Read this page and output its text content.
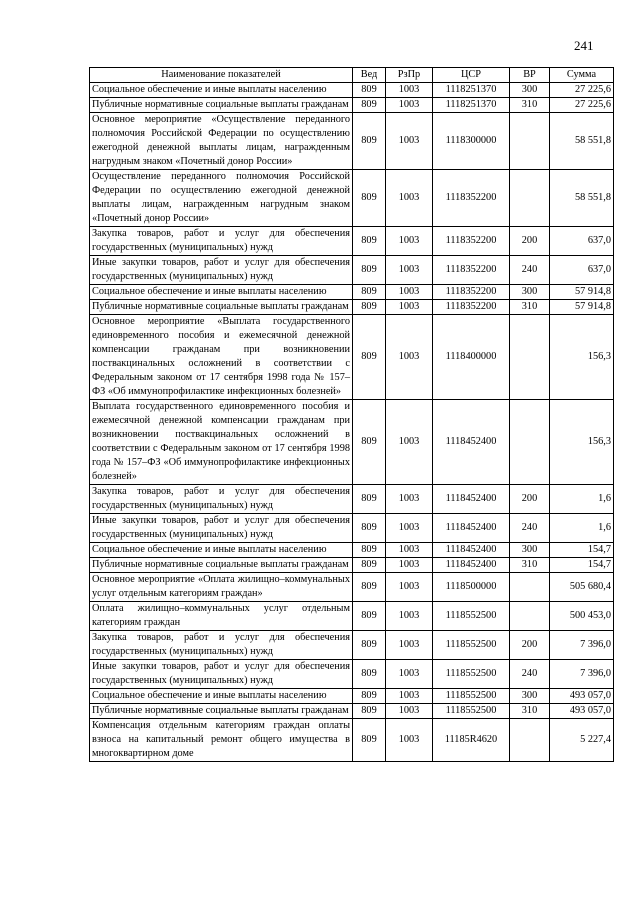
241
Наименование показателей	Вед	РзПр	ЦСР	ВР	Сумма
Социальное обеспечение и иные выплаты населению	809	1003	1118251370	300	27 225,6
Публичные нормативные социальные выплаты гражданам	809	1003	1118251370	310	27 225,6
Основное мероприятие «Осуществление переданного полномочия Российской Федерации по осуществлению ежегодной денежной выплаты лицам, награжденным нагрудным знаком «Почетный донор России»	809	1003	1118300000		58 551,8
Осуществление переданного полномочия Российской Федерации по осуществлению ежегодной денежной выплаты лицам, награжденным нагрудным знаком «Почетный донор России»	809	1003	1118352200		58 551,8
Закупка товаров, работ и услуг для обеспечения государственных (муниципальных) нужд	809	1003	1118352200	200	637,0
Иные закупки товаров, работ и услуг для обеспечения государственных (муниципальных) нужд	809	1003	1118352200	240	637,0
Социальное обеспечение и иные выплаты населению	809	1003	1118352200	300	57 914,8
Публичные нормативные социальные выплаты гражданам	809	1003	1118352200	310	57 914,8
Основное мероприятие «Выплата государственного единовременного пособия и ежемесячной денежной компенсации гражданам при возникновении поствакцинальных осложнений в соответствии с Федеральным законом от 17 сентября 1998 года № 157–ФЗ «Об иммунопрофилактике инфекционных болезней»	809	1003	1118400000		156,3
Выплата государственного единовременного пособия и ежемесячной денежной компенсации гражданам при возникновении поствакцинальных осложнений в соответствии с Федеральным законом от 17 сентября 1998 года № 157–ФЗ «Об иммунопрофилактике инфекционных болезней»	809	1003	1118452400		156,3
Закупка товаров, работ и услуг для обеспечения государственных (муниципальных) нужд	809	1003	1118452400	200	1,6
Иные закупки товаров, работ и услуг для обеспечения государственных (муниципальных) нужд	809	1003	1118452400	240	1,6
Социальное обеспечение и иные выплаты населению	809	1003	1118452400	300	154,7
Публичные нормативные социальные выплаты гражданам	809	1003	1118452400	310	154,7
Основное мероприятие «Оплата жилищно–коммунальных услуг отдельным категориям граждан»	809	1003	1118500000		505 680,4
Оплата жилищно–коммунальных услуг отдельным категориям граждан	809	1003	1118552500		500 453,0
Закупка товаров, работ и услуг для обеспечения государственных (муниципальных) нужд	809	1003	1118552500	200	7 396,0
Иные закупки товаров, работ и услуг для обеспечения государственных (муниципальных) нужд	809	1003	1118552500	240	7 396,0
Социальное обеспечение и иные выплаты населению	809	1003	1118552500	300	493 057,0
Публичные нормативные социальные выплаты гражданам	809	1003	1118552500	310	493 057,0
Компенсация отдельным категориям граждан оплаты взноса на капитальный ремонт общего имущества в многоквартирном доме	809	1003	11185R4620		5 227,4
